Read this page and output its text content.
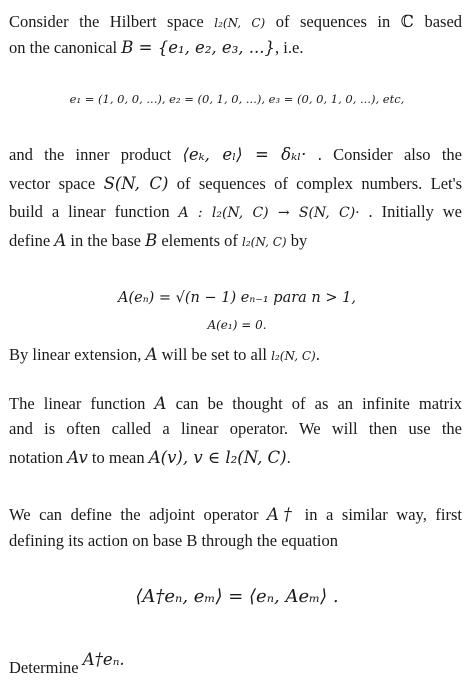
Consider the Hilbert space l₂(N, C) of sequences in ℂ based
on the canonical B = {e₁, e₂, e₃, ...}, i.e.
e₁ = (1, 0, 0, ...), e₂ = (0, 1, 0, ...), e₃ = (0, 0, 1, 0, ...), etc,
and the inner product ⟨eₖ, eₗ⟩ = δₖₗ· . Consider also the
vector space S(N, C) of sequences of complex numbers. Let's
build a linear function A : l₂(N, C) → S(N, C)· . Initially we
define A in the base B elements of l₂(N, C) by
A(eₙ) = √(n − 1) eₙ₋₁ para n > 1,
A(e₁) = 0.
By linear extension, A will be set to all l₂(N, C).
The linear function A can be thought of as an infinite matrix
and is often called a linear operator. We will then use the
notation Av to mean A(v), v ∈ l₂(N, C).
We can define the adjoint operator A† in a similar way, first
defining its action on base B through the equation
⟨A†eₙ, eₘ⟩ = ⟨eₙ, Aeₘ⟩ .
Determine A†eₙ.
